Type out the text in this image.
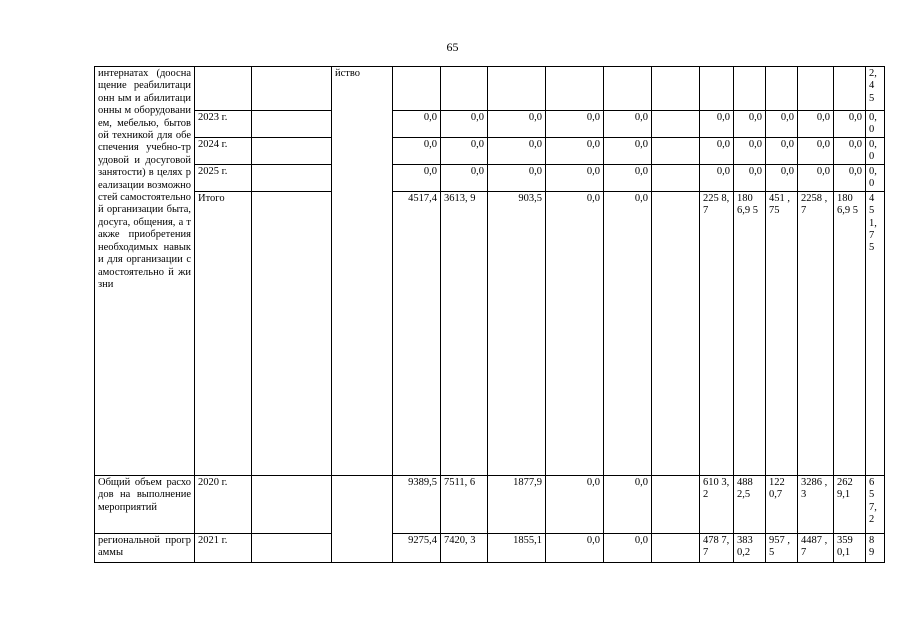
65
интернатах (дооснащение реабилитационн ым и абилитационны м оборудованием, мебелью, бытовой техникой для обеспечения учебно-трудовой и досуговой занятости) в целях реализации возможностей самостоятельно й организации быта, досуга, общения, а также приобретения необходимых навыки для организации самостоятельно й жизни			йство												2, 4 5
	2023 г.			0,0	0,0	0,0	0,0	0,0		0,0	0,0	0,0	0,0	0,0	0, 0
	2024 г.			0,0	0,0	0,0	0,0	0,0		0,0	0,0	0,0	0,0	0,0	0, 0
	2025 г.			0,0	0,0	0,0	0,0	0,0		0,0	0,0	0,0	0,0	0,0	0, 0
	Итого			4517,4	3613, 9	903,5	0,0	0,0		225 8,7	180 6,9 5	451 ,75	2258 ,7	180 6,9 5	4 5 1, 7 5
Общий объем расходов на выполнение мероприятий	2020 г.			9389,5	7511, 6	1877,9	0,0	0,0		610 3,2	488 2,5	122 0,7	3286 ,3	262 9,1	6 5 7, 2
региональной программы	2021 г.			9275,4	7420, 3	1855,1	0,0	0,0		478 7,7	383 0,2	957 ,5	4487 ,7	359 0,1	8 9
